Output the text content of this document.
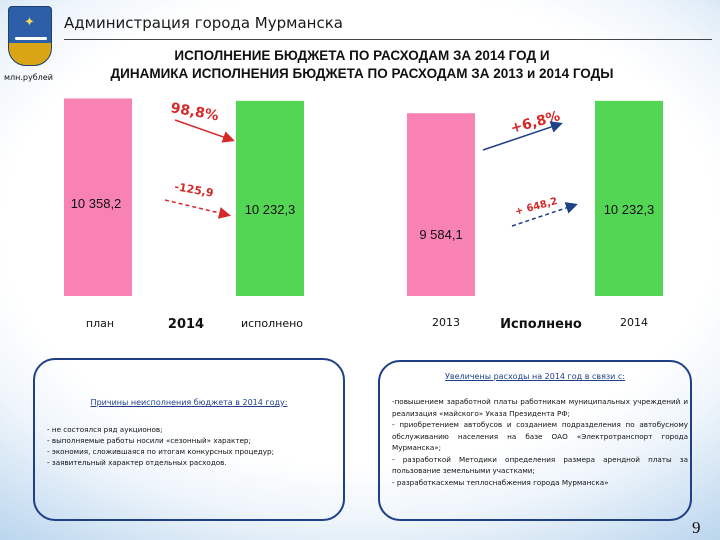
✦ Администрация города Мурманска
млн.рублей
ИСПОЛНЕНИЕ БЮДЖЕТА ПО РАСХОДАМ ЗА 2014 ГОД И
ДИНАМИКА ИСПОЛНЕНИЯ БЮДЖЕТА ПО РАСХОДАМ ЗА 2013 и 2014 ГОДЫ
10 358,2
план
10 232,3
исполнено
2014
9 584,1
2013
10 232,3
2014
Исполнено
98,8%
-125,9
+6,8%
+ 648,2
Причины неисполнения бюджета в 2014 году:
- не состоялся ряд аукционов;
- выполняемые работы носили «сезонный» характер;
- экономия, сложившаяся по итогам конкурсных процедур;
- заявительный характер отдельных расходов.
Увеличены расходы на 2014 год в связи с:
-повышением заработной платы работникам муниципальных учреждений и реализация «майского» Указа Президента РФ;
- приобретением автобусов и созданием подразделения по автобусному обслуживанию населения на базе ОАО «Электротранспорт города Мурманска»;
- разработкой Методики определения размера арендной платы за пользование земельными участками;
- разработкасхемы теплоснабжения города Мурманска»
9
